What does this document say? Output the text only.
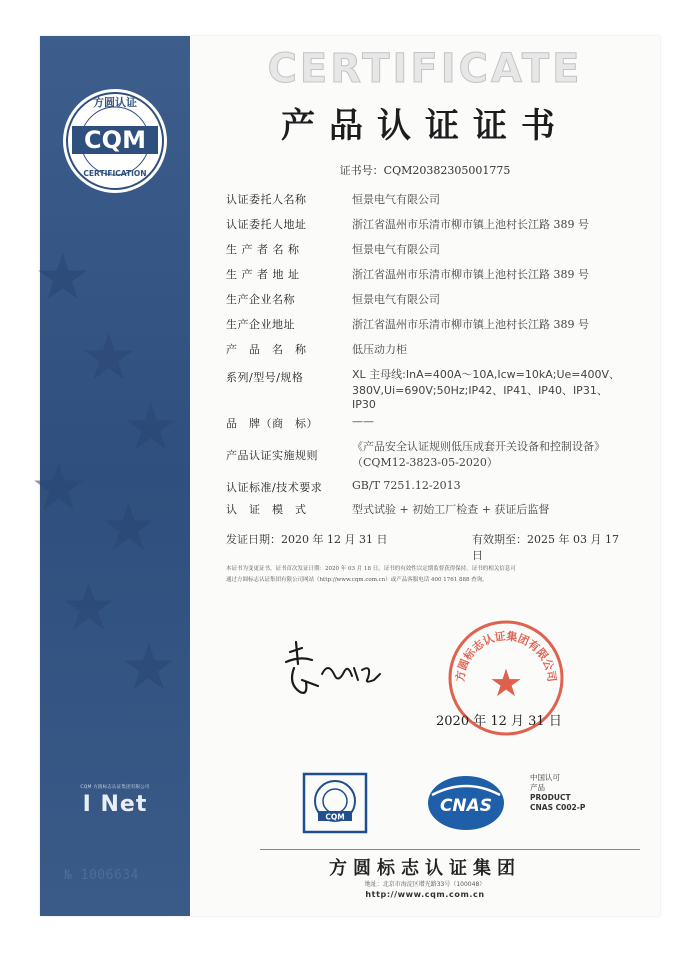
★
★
★
★
★
★
★
方圆认证
CQM
CERTIFICATION
CQM 方圆标志认证集团有限公司
I Net
№ 1006634
CERTIFICATE
产品认证证书
证书号：CQM20382305001775
认证委托人名称	恒景电气有限公司
认证委托人地址	浙江省温州市乐清市柳市镇上池村长江路 389 号
生 产 者 名 称	恒景电气有限公司
生 产 者 地 址	浙江省温州市乐清市柳市镇上池村长江路 389 号
生产企业名称	恒景电气有限公司
生产企业地址	浙江省温州市乐清市柳市镇上池村长江路 389 号
产　品　名　称	低压动力柜
系列/型号/规格	XL 主母线:InA=400A～10A,Icw=10kA;Ue=400V、
380V,Ui=690V;50Hz;IP42、IP41、IP40、IP31、IP30

品　牌（商　标）	——
产品认证实施规则	《产品安全认证规则低压成套开关设备和控制设备》
（CQM12-3823-05-2020）

认证标准/技术要求	GB/T 7251.12-2013
认　证　模　式	型式试验 + 初始工厂检查 + 获证后监督
发证日期：2020 年 12 月 31 日	有效期至：2025 年 03 月 17 日
本证书为变更证书，证书首次发证日期：2020 年 03 月 18 日。证书的有效性以定期监督获得保持。证书的相关信息可
通过方圆标志认证集团有限公司网站（http://www.cqm.com.cn）或产品客服电话 400 1761 888 查询。
方圆标志认证集团有限公司
★
2020 年 12 月 31 日
CQM
CNAS
中国认可
产品
PRODUCT
CNAS C002-P
方圆标志认证集团
地址：北京市海淀区增光路33号（100048）
http://www.cqm.com.cn
